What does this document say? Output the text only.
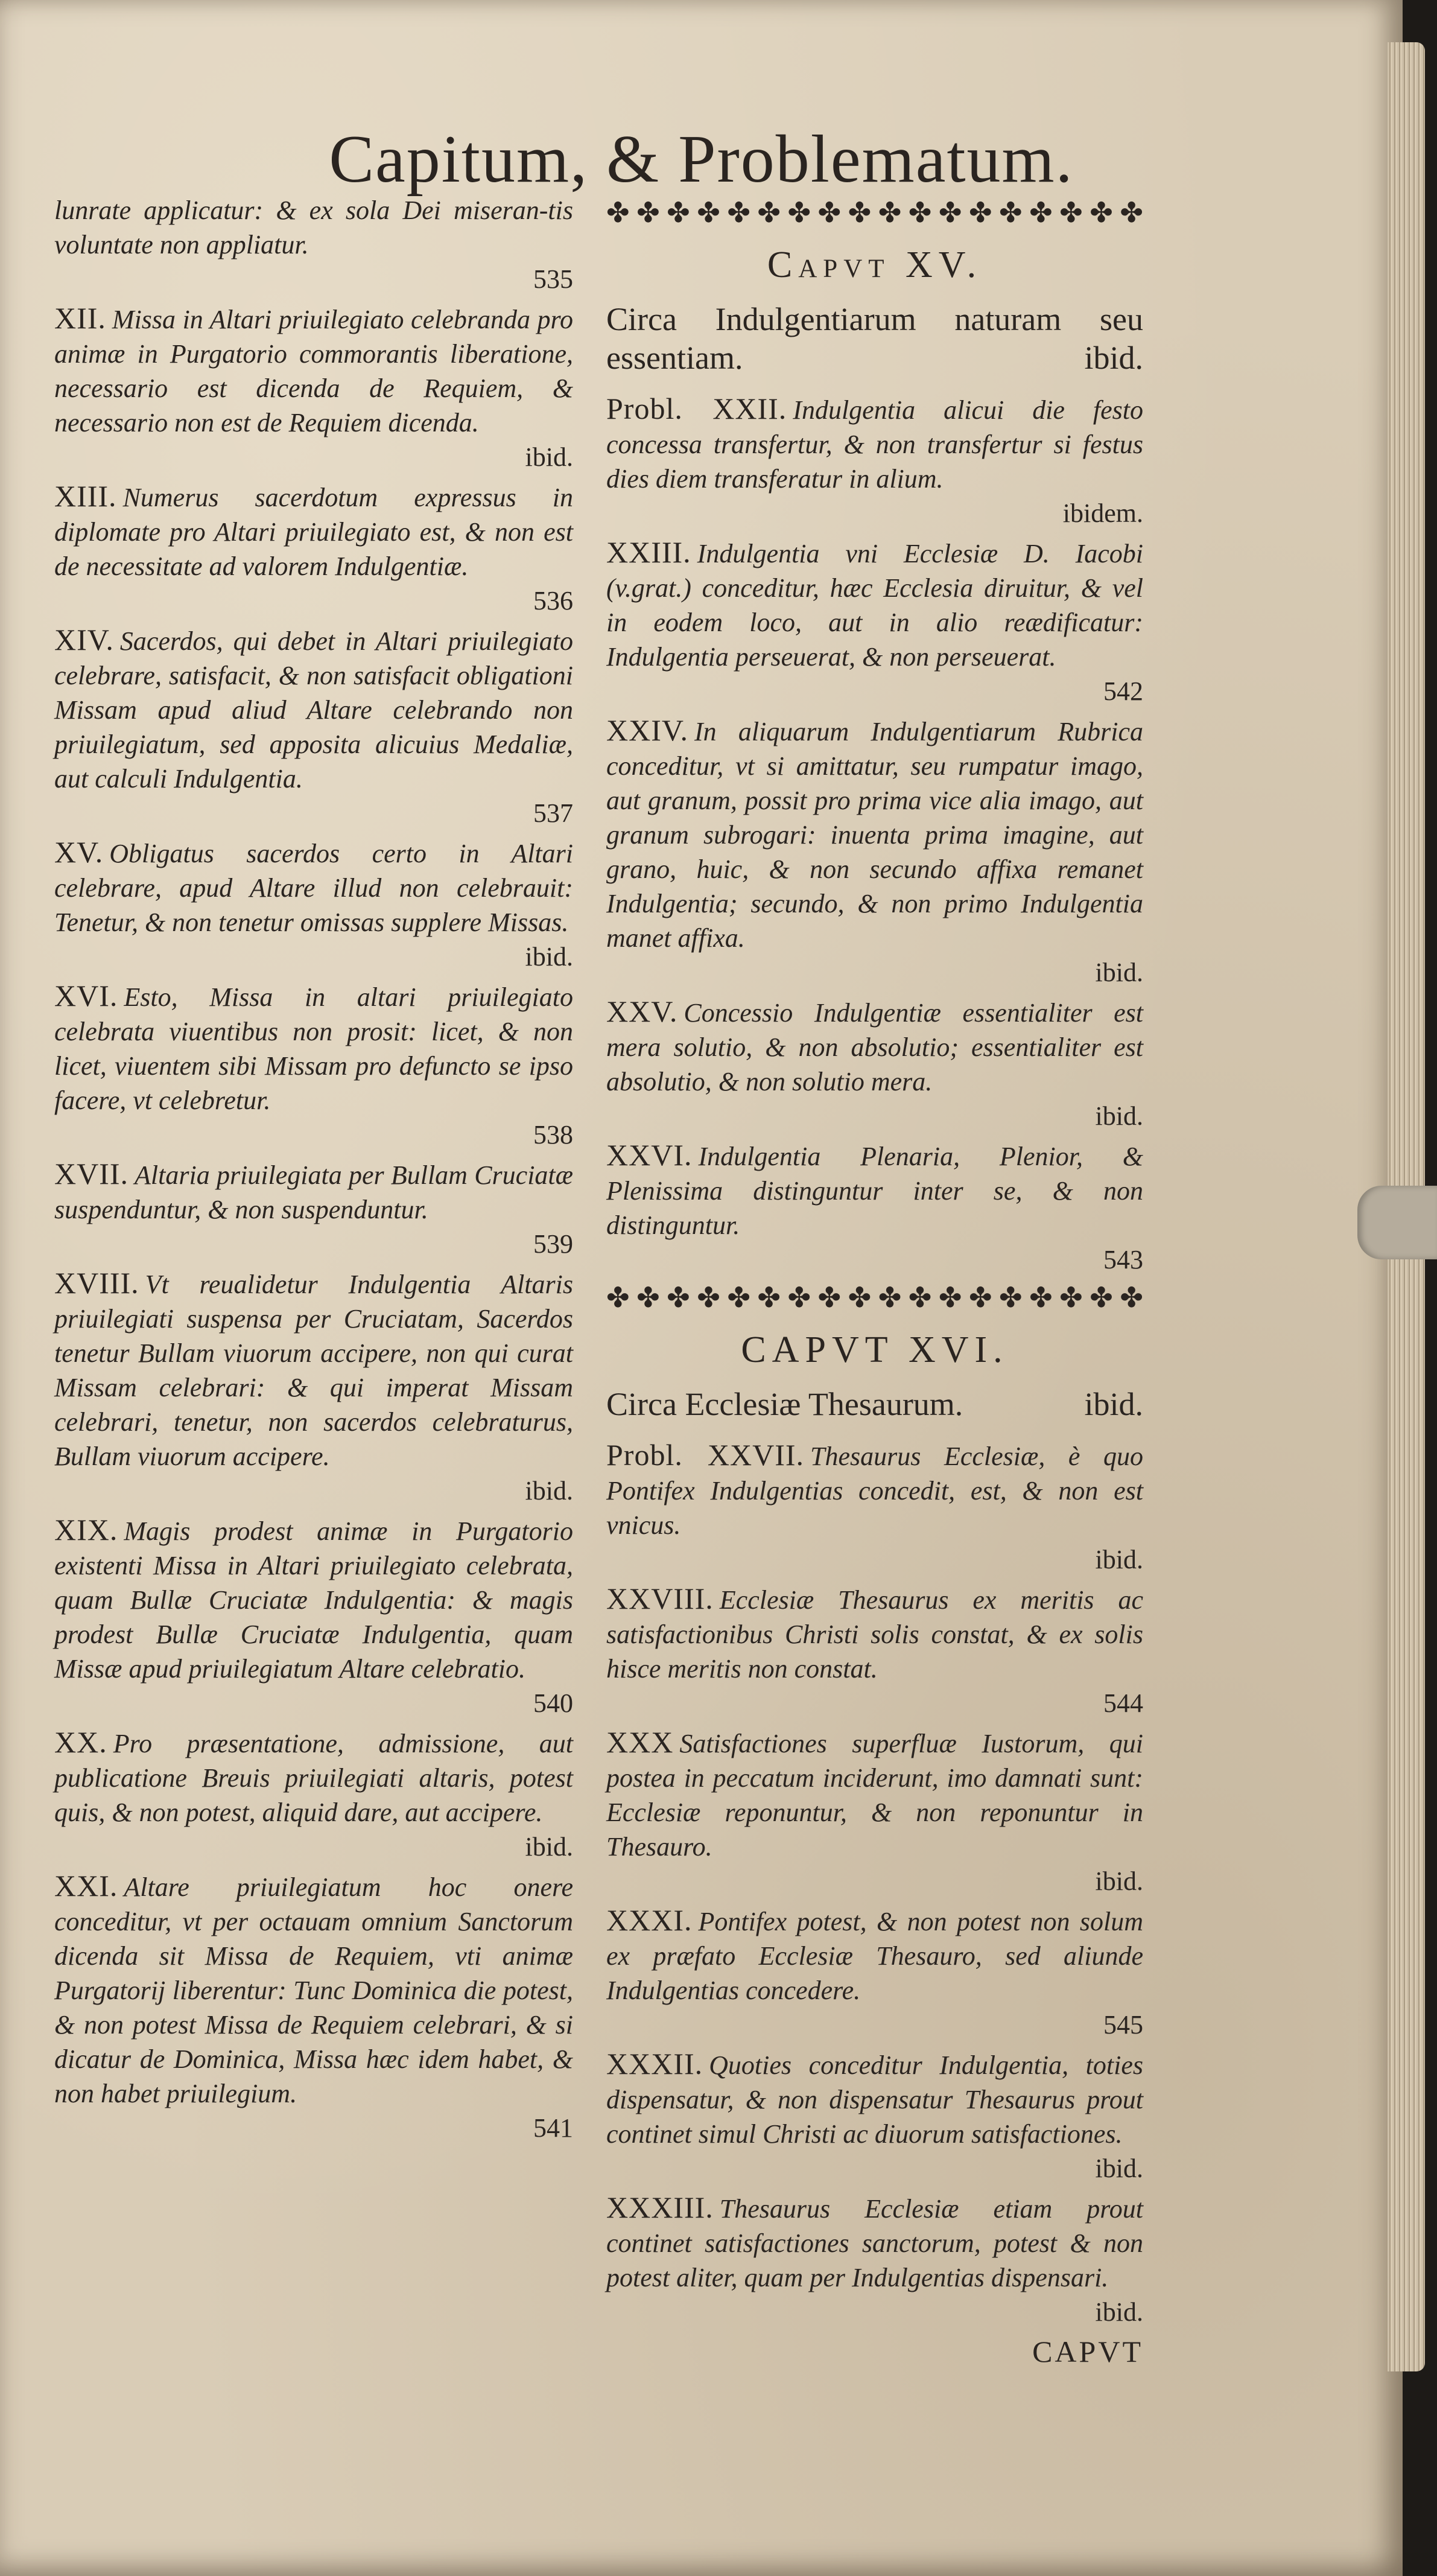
Capitum, & Problematum.

lunrate applicatur: & ex sola Dei miseran-tis voluntate non appliatur.
535

XII. Missa in Altari priuilegiato celebranda pro animæ in Purgatorio commorantis liberatione, necessario est dicenda de Requiem, & necessario non est de Requiem dicenda.
ibid.

XIII. Numerus sacerdotum expressus in diplomate pro Altari priuilegiato est, & non est de necessitate ad valorem Indulgentiæ.
536

XIV. Sacerdos, qui debet in Altari priuilegiato celebrare, satisfacit, & non satisfacit obligationi Missam apud aliud Altare celebrando non priuilegiatum, sed appositа alicuius Medaliæ, aut calculi Indulgentia.
537

XV. Obligatus sacerdos certo in Altari celebrare, apud Altare illud non celebrauit: Tenetur, & non tenetur omissas supplere Missas.
ibid.

XVI. Esto, Missa in altari priuilegiato celebrata viuentibus non prosit: licet, & non licet, viuentem sibi Missam pro defuncto se ipso facere, vt celebretur.
538

XVII. Altaria priuilegiata per Bullam Cruciatæ suspenduntur, & non suspenduntur.
539

XVIII. Vt reualidetur Indulgentia Altaris priuilegiati suspensa per Cruciatam, Sacerdos tenetur Bullam viuorum accipere, non qui curat Missam celebrari: & qui imperat Missam celebrari, tenetur, non sacerdos celebraturus, Bullam viuorum accipere.
ibid.

XIX. Magis prodest animæ in Purgatorio existenti Missa in Altari priuilegiato celebrata, quam Bullæ Cruciatæ Indulgentia: & magis prodest Bullæ Cruciatæ Indulgentia, quam Missæ apud priuilegiatum Altare celebratio.
540

XX. Pro præsentatione, admissione, aut publicatione Breuis priuilegiati altaris, potest quis, & non potest, aliquid dare, aut accipere.
ibid.

XXI. Altare priuilegiatum hoc onere conceditur, vt per octauam omnium Sanctorum dicenda sit Missa de Requiem, vti animæ Purgatorij liberentur: Tunc Dominica die potest, & non potest Missa de Requiem celebrari, & si dicatur de Dominica, Missa hæc idem habet, & non habet priuilegium.
541

✤ ✤ ✤ ✤ ✤ ✤ ✤ ✤ ✤ ✤ ✤ ✤ ✤ ✤ ✤ ✤ ✤ ✤
Capvt XV.
Circa Indulgentiarum naturam seu essentiam.	ibid.

Probl. XXII. Indulgentia alicui die festo concessa transfertur, & non transfertur si festus dies diem transferatur in alium.
ibidem.

XXIII. Indulgentia vni Ecclesiæ D. Iacobi (v.grat.) conceditur, hæc Ecclesia diruitur, & vel in eodem loco, aut in alio reædificatur: Indulgentia perseuerat, & non perseuerat.
542

XXIV. In aliquarum Indulgentiarum Rubrica conceditur, vt si amittatur, seu rumpatur imago, aut granum, possit pro prima vice alia imago, aut granum subrogari: inuenta prima imagine, aut grano, huic, & non secundo affixa remanet Indulgentia; secundo, & non primo Indulgentia manet affixa.
ibid.

XXV. Concessio Indulgentiæ essentialiter est mera solutio, & non absolutio; essentialiter est absolutio, & non solutio mera.
ibid.

XXVI. Indulgentia Plenaria, Plenior, & Plenissima distinguntur inter se, & non distinguntur.
543

✤ ✤ ✤ ✤ ✤ ✤ ✤ ✤ ✤ ✤ ✤ ✤ ✤ ✤ ✤ ✤ ✤ ✤
CAPVT XVI.
Circa Ecclesiæ Thesaurum.	ibid.

Probl. XXVII. Thesaurus Ecclesiæ, è quo Pontifex Indulgentias concedit, est, & non est vnicus.
ibid.

XXVIII. Ecclesiæ Thesaurus ex meritis ac satisfactionibus Christi solis constat, & ex solis hisce meritis non constat.
544

XXX Satisfactiones superfluæ Iustorum, qui postea in peccatum inciderunt, imo damnati sunt: Ecclesiæ reponuntur, & non reponuntur in Thesauro.
ibid.

XXXI. Pontifex potest, & non potest non solum ex præfato Ecclesiæ Thesauro, sed aliunde Indulgentias concedere.
545

XXXII. Quoties conceditur Indulgentia, toties dispensatur, & non dispensatur Thesaurus prout continet simul Christi ac diuorum satisfactiones.
ibid.

XXXIII. Thesaurus Ecclesiæ etiam prout continet satisfactiones sanctorum, potest & non potest aliter, quam per Indulgentias dispensari.
ibid.

CAPVT
